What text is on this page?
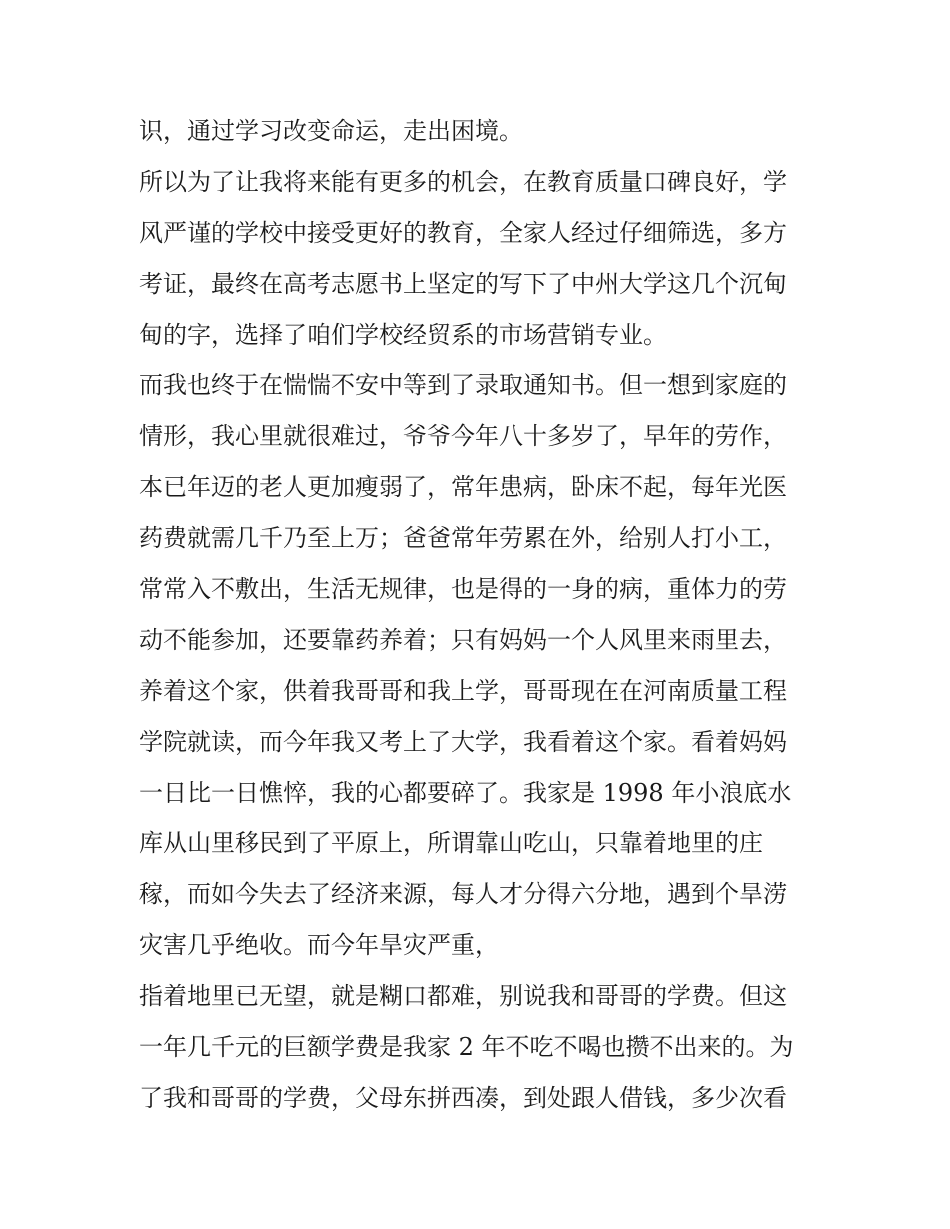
识，通过学习改变命运，走出困境。
所以为了让我将来能有更多的机会，在教育质量口碑良好，学
风严谨的学校中接受更好的教育，全家人经过仔细筛选，多方
考证，最终在高考志愿书上坚定的写下了中州大学这几个沉甸
甸的字，选择了咱们学校经贸系的市场营销专业。
而我也终于在惴惴不安中等到了录取通知书。但一想到家庭的
情形，我心里就很难过，爷爷今年八十多岁了，早年的劳作，
本已年迈的老人更加瘦弱了，常年患病，卧床不起，每年光医
药费就需几千乃至上万；爸爸常年劳累在外，给别人打小工，
常常入不敷出，生活无规律，也是得的一身的病，重体力的劳
动不能参加，还要靠药养着；只有妈妈一个人风里来雨里去，
养着这个家，供着我哥哥和我上学，哥哥现在在河南质量工程
学院就读，而今年我又考上了大学，我看着这个家。看着妈妈
一日比一日憔悴，我的心都要碎了。我家是 1998 年小浪底水
库从山里移民到了平原上，所谓靠山吃山，只靠着地里的庄
稼，而如今失去了经济来源，每人才分得六分地，遇到个旱涝
灾害几乎绝收。而今年旱灾严重，
指着地里已无望，就是糊口都难，别说我和哥哥的学费。但这
一年几千元的巨额学费是我家 2 年不吃不喝也攒不出来的。为
了我和哥哥的学费，父母东拼西凑，到处跟人借钱，多少次看
